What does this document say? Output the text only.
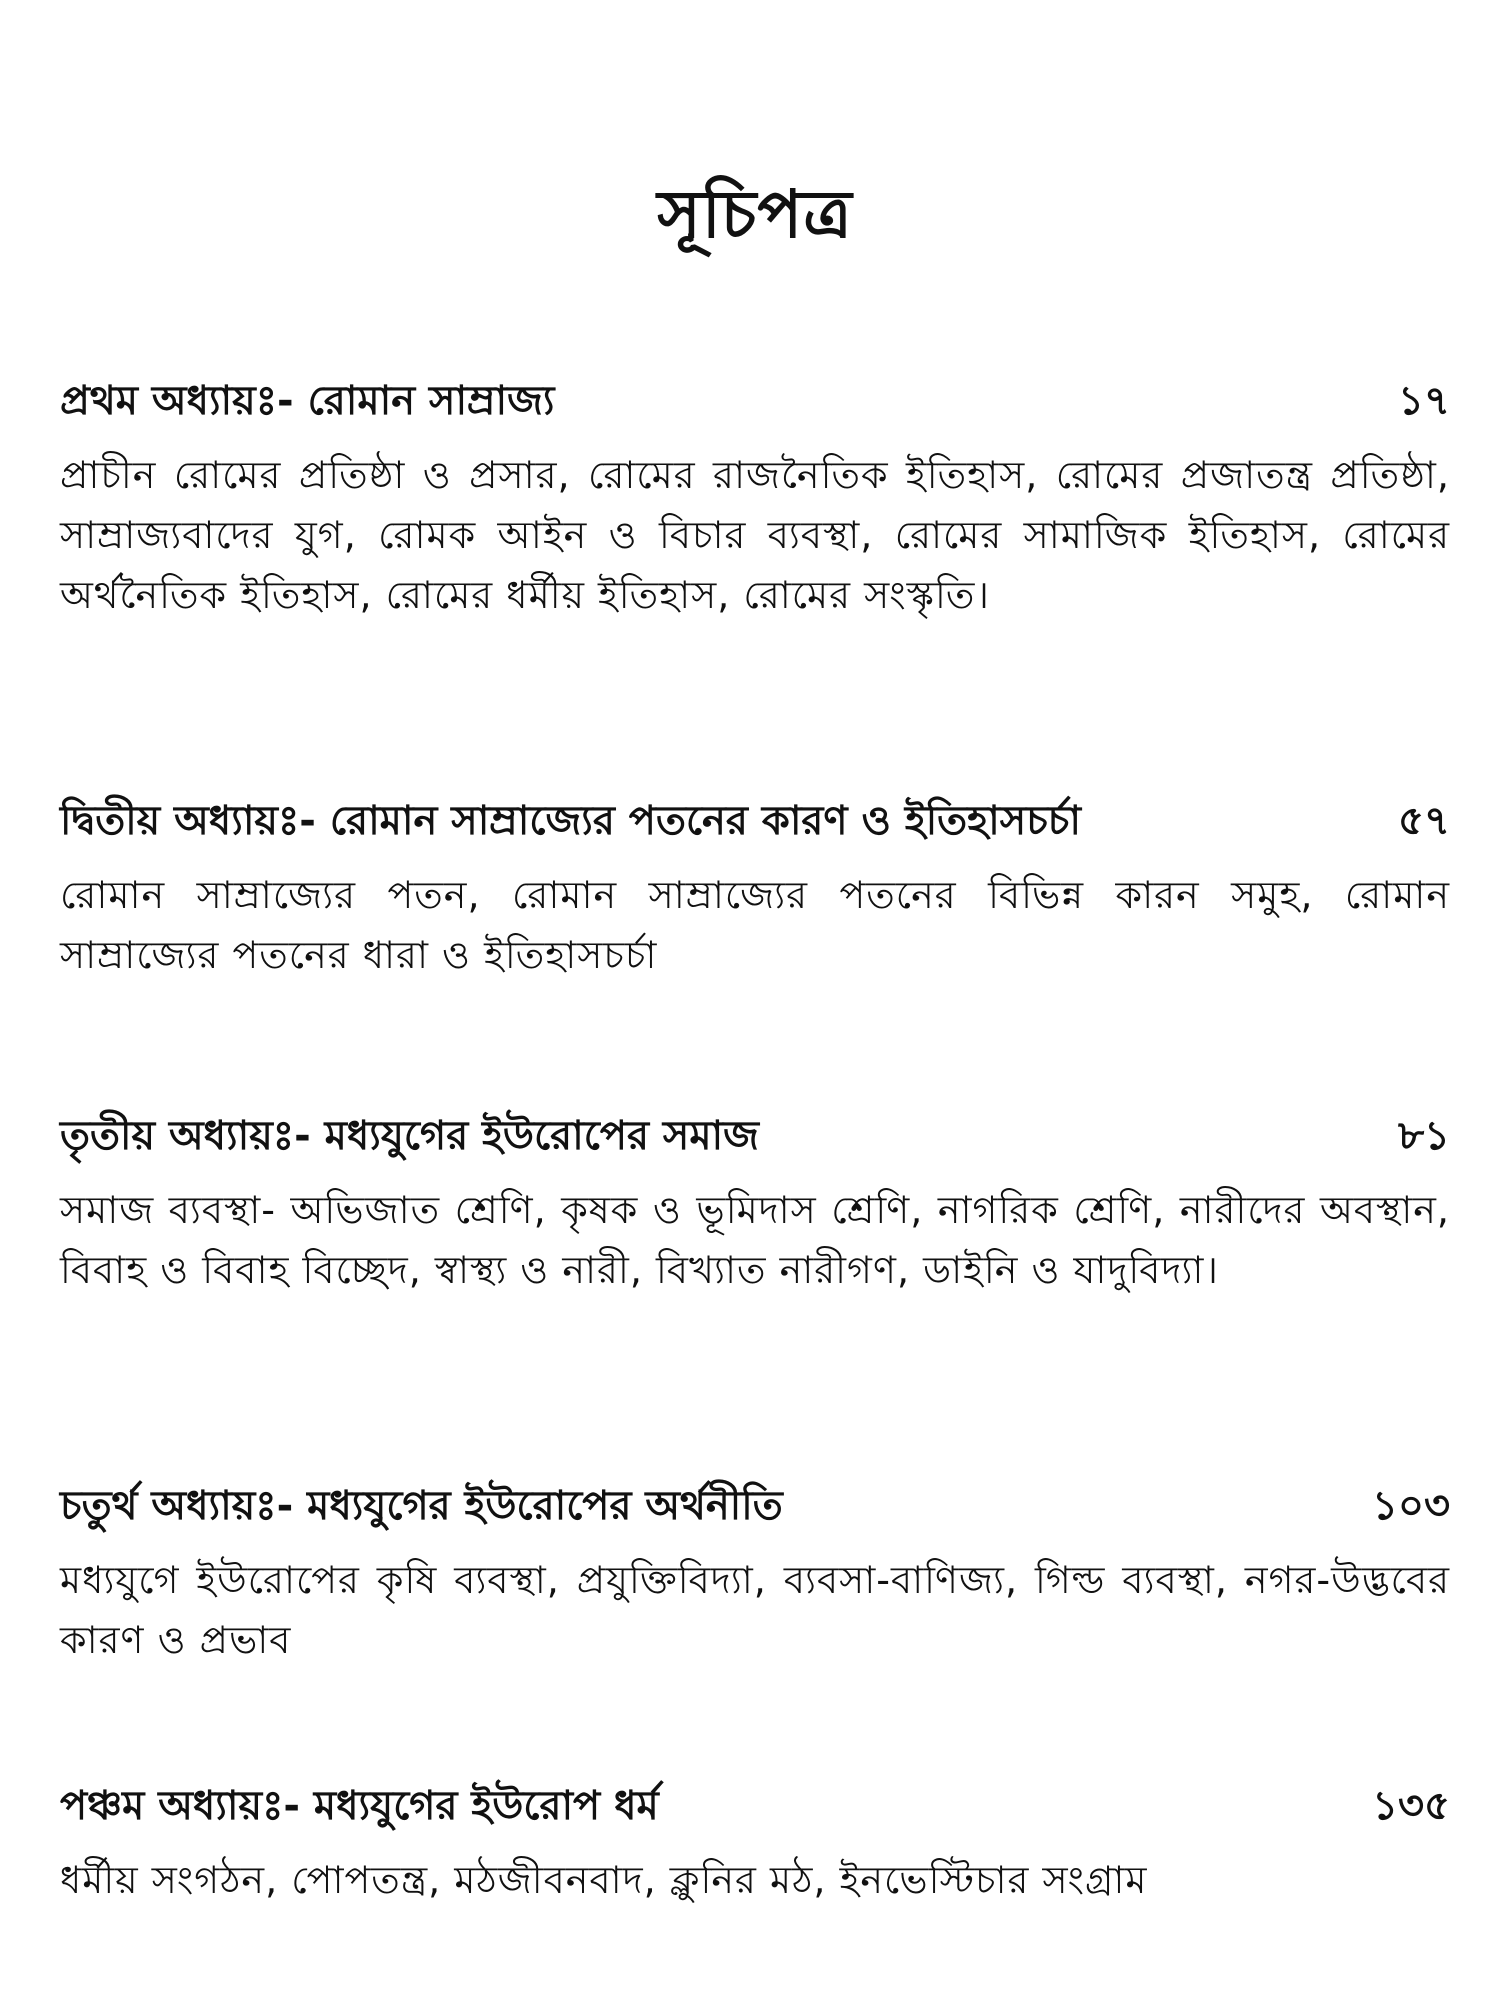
সূচিপত্র
প্রথম অধ্যায়ঃ- রোমান সাম্রাজ্য	১৭
প্রাচীন রোমের প্রতিষ্ঠা ও প্রসার, রোমের রাজনৈতিক ইতিহাস, রোমের প্রজাতন্ত্র প্রতিষ্ঠা, সাম্রাজ্যবাদের যুগ, রোমক আইন ও বিচার ব্যবস্থা, রোমের সামাজিক ইতিহাস, রোমের অর্থনৈতিক ইতিহাস, রোমের ধর্মীয় ইতিহাস, রোমের সংস্কৃতি।
দ্বিতীয় অধ্যায়ঃ- রোমান সাম্রাজ্যের পতনের কারণ ও ইতিহাসচর্চা	৫৭
রোমান সাম্রাজ্যের পতন, রোমান সাম্রাজ্যের পতনের বিভিন্ন কারন সমুহ, রোমান সাম্রাজ্যের পতনের ধারা ও ইতিহাসচর্চা
তৃতীয় অধ্যায়ঃ- মধ্যযুগের ইউরোপের সমাজ	৮১
সমাজ ব্যবস্থা- অভিজাত শ্রেণি, কৃষক ও ভূমিদাস শ্রেণি, নাগরিক শ্রেণি, নারীদের অবস্থান, বিবাহ ও বিবাহ বিচ্ছেদ, স্বাস্থ্য ও নারী, বিখ্যাত নারীগণ, ডাইনি ও যাদুবিদ্যা।
চতুর্থ অধ্যায়ঃ- মধ্যযুগের ইউরোপের অর্থনীতি	১০৩
মধ্যযুগে ইউরোপের কৃষি ব্যবস্থা, প্রযুক্তিবিদ্যা, ব্যবসা-বাণিজ্য, গিল্ড ব্যবস্থা, নগর-উদ্ভবের কারণ ও প্রভাব
পঞ্চম অধ্যায়ঃ- মধ্যযুগের ইউরোপ ধর্ম	১৩৫
ধর্মীয় সংগঠন, পোপতন্ত্র, মঠজীবনবাদ, ক্লুনির মঠ, ইনভেস্টিচার সংগ্রাম
